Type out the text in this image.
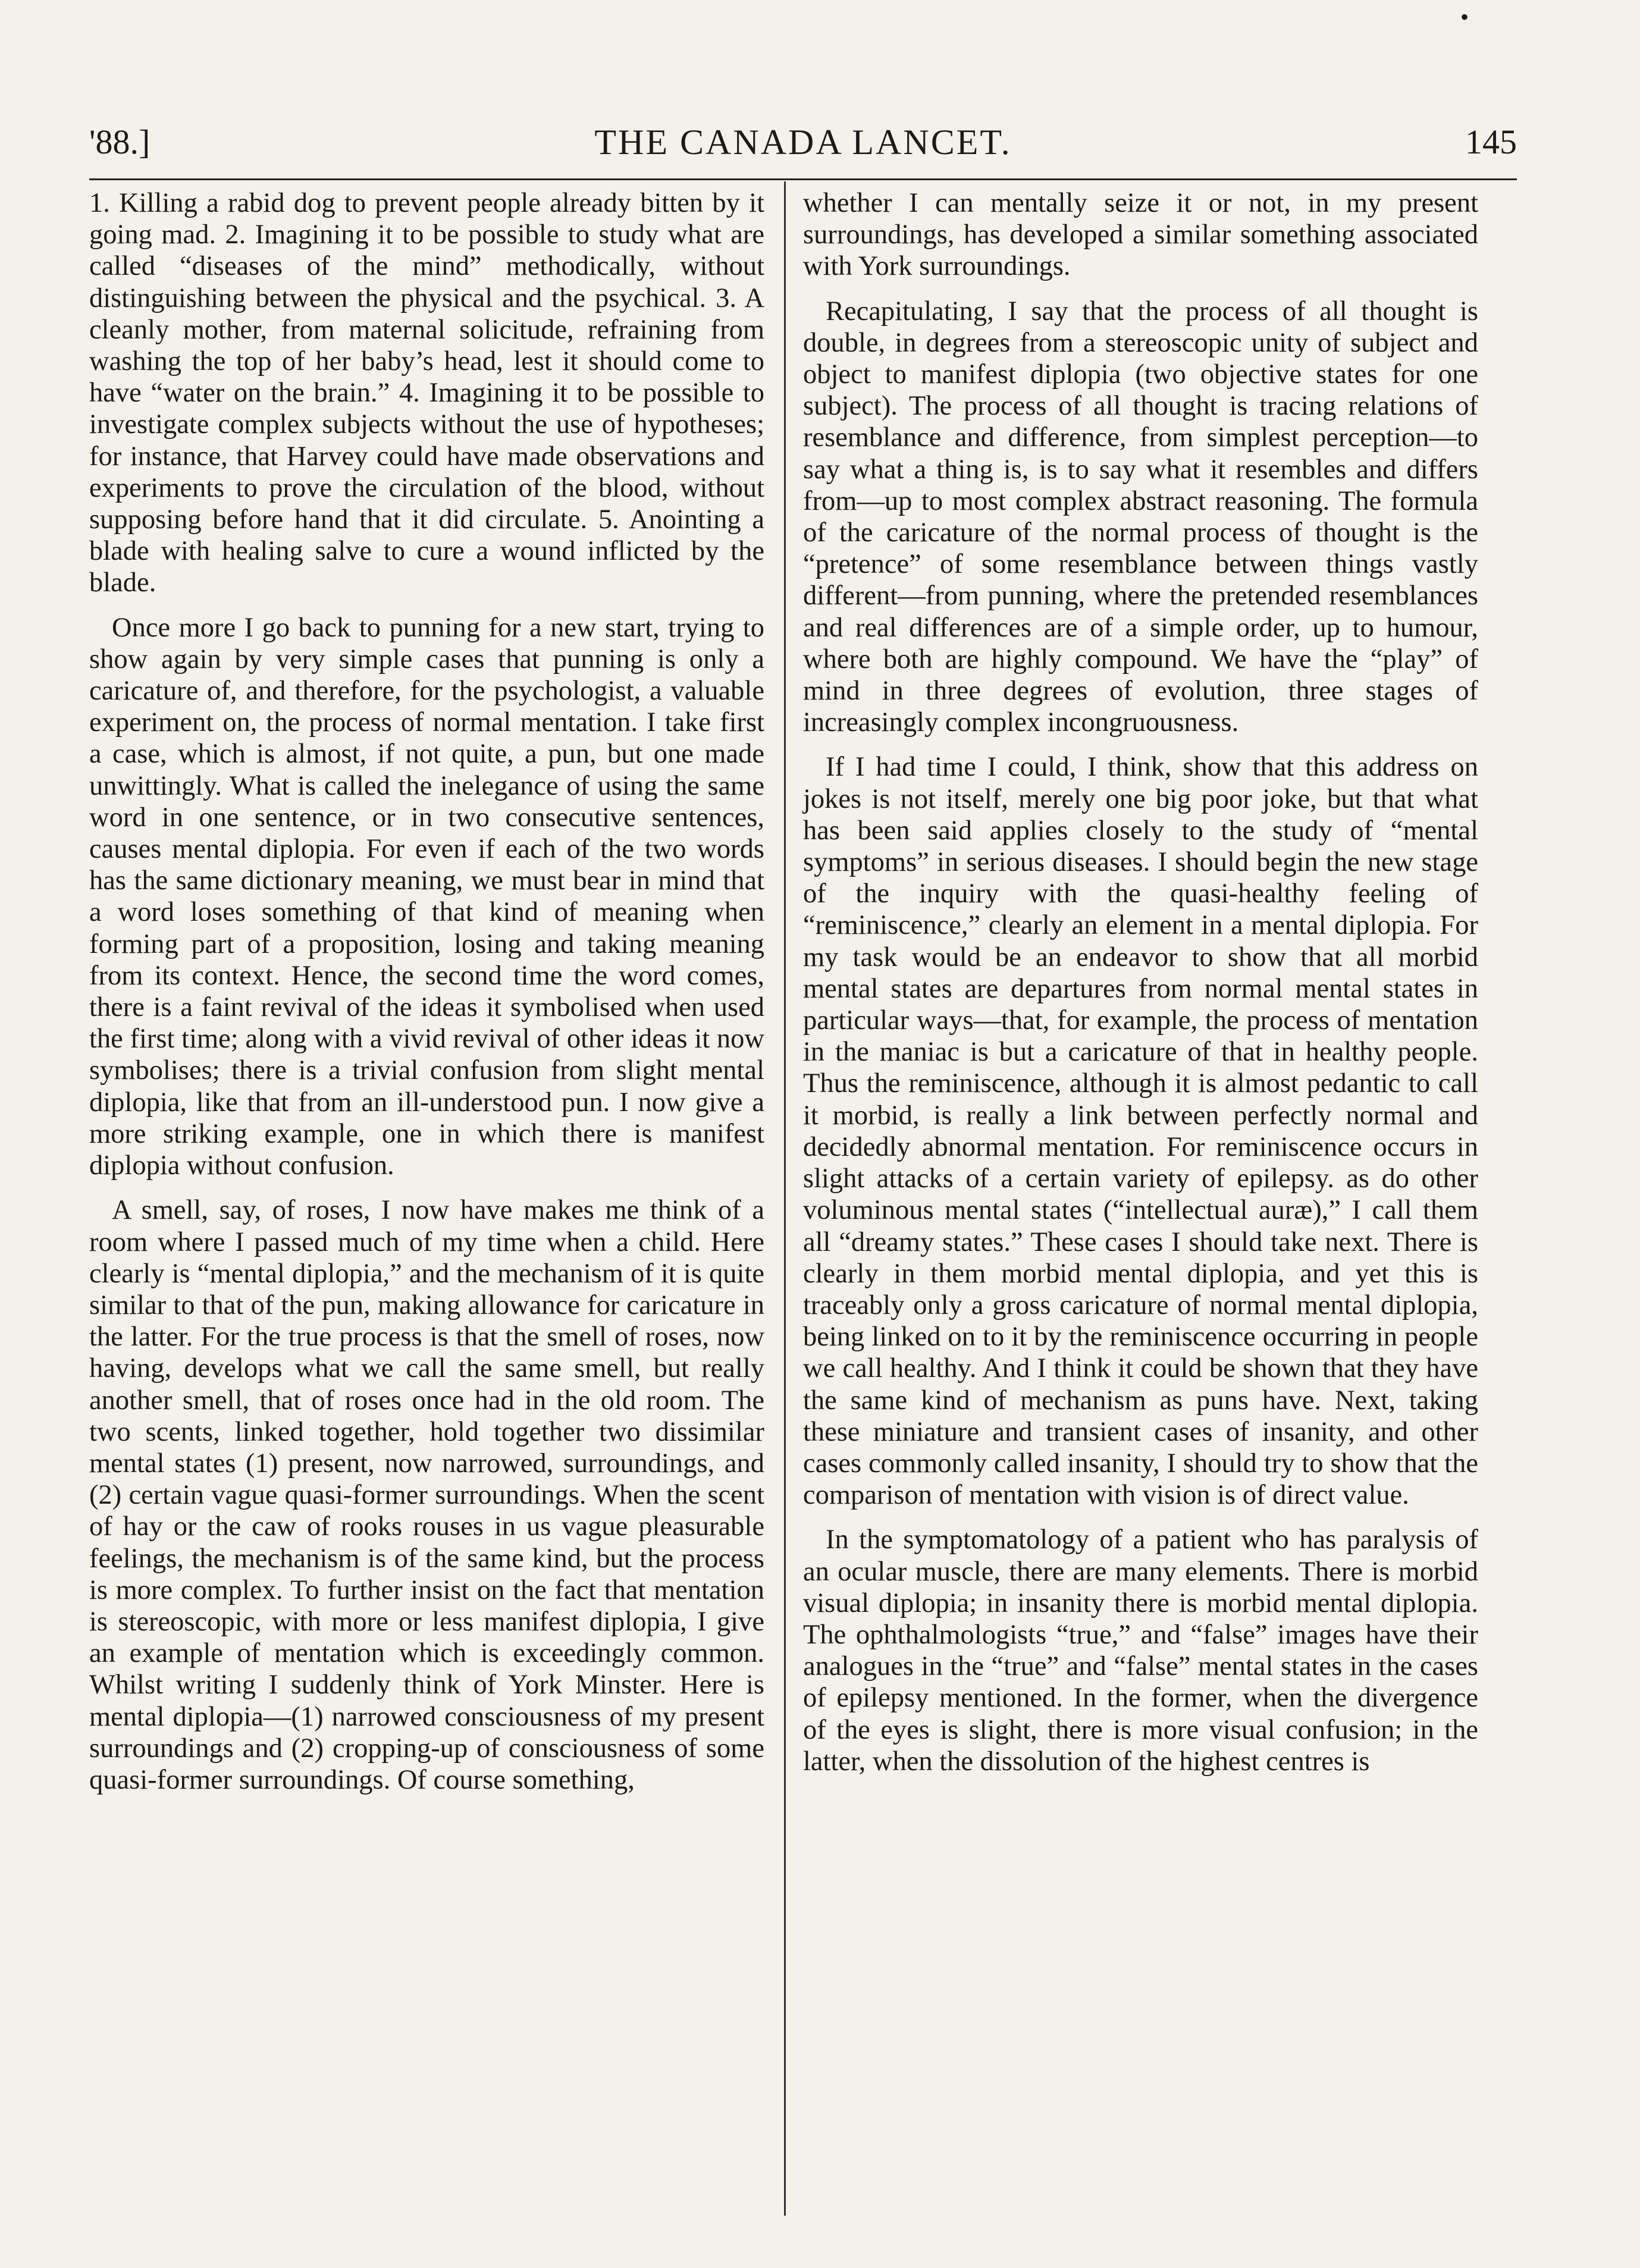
•
'88.]	THE CANADA LANCET.	145

1. Killing a rabid dog to prevent people already bitten by it going mad. 2. Imagining it to be possible to study what are called “diseases of the mind” methodically, without distinguishing between the physical and the psychical. 3. A cleanly mother, from maternal solicitude, refraining from washing the top of her baby’s head, lest it should come to have “water on the brain.” 4. Imagining it to be possible to investigate complex subjects without the use of hypotheses; for instance, that Harvey could have made observations and experiments to prove the circulation of the blood, without supposing before hand that it did circulate. 5. Anointing a blade with healing salve to cure a wound inflicted by the blade.

Once more I go back to punning for a new start, trying to show again by very simple cases that punning is only a caricature of, and therefore, for the psychologist, a valuable experiment on, the process of normal mentation. I take first a case, which is almost, if not quite, a pun, but one made unwittingly. What is called the inelegance of using the same word in one sentence, or in two consecutive sentences, causes mental diplopia. For even if each of the two words has the same dictionary meaning, we must bear in mind that a word loses something of that kind of meaning when forming part of a proposition, losing and taking meaning from its context. Hence, the second time the word comes, there is a faint revival of the ideas it symbolised when used the first time; along with a vivid revival of other ideas it now symbolises; there is a trivial confusion from slight mental diplopia, like that from an ill-understood pun. I now give a more striking example, one in which there is manifest diplopia without confusion.

A smell, say, of roses, I now have makes me think of a room where I passed much of my time when a child. Here clearly is “mental diplopia,” and the mechanism of it is quite similar to that of the pun, making allowance for caricature in the latter. For the true process is that the smell of roses, now having, develops what we call the same smell, but really another smell, that of roses once had in the old room. The two scents, linked together, hold together two dissimilar mental states (1) present, now narrowed, surroundings, and (2) certain vague quasi-former surroundings. When the scent of hay or the caw of rooks rouses in us vague pleasurable feelings, the mechanism is of the same kind, but the process is more complex. To further insist on the fact that mentation is stereoscopic, with more or less manifest diplopia, I give an example of mentation which is exceedingly common. Whilst writing I suddenly think of York Minster. Here is mental diplopia—(1) narrowed consciousness of my present surroundings and (2) cropping-up of consciousness of some quasi-former surroundings. Of course something,

whether I can mentally seize it or not, in my present surroundings, has developed a similar something associated with York surroundings.

Recapitulating, I say that the process of all thought is double, in degrees from a stereoscopic unity of subject and object to manifest diplopia (two objective states for one subject). The process of all thought is tracing relations of resemblance and difference, from simplest perception—to say what a thing is, is to say what it resembles and differs from—up to most complex abstract reasoning. The formula of the caricature of the normal process of thought is the “pretence” of some resemblance between things vastly different—from punning, where the pretended resemblances and real differences are of a simple order, up to humour, where both are highly compound. We have the “play” of mind in three degrees of evolution, three stages of increasingly complex incongruousness.

If I had time I could, I think, show that this address on jokes is not itself, merely one big poor joke, but that what has been said applies closely to the study of “mental symptoms” in serious diseases. I should begin the new stage of the inquiry with the quasi-healthy feeling of “reminiscence,” clearly an element in a mental diplopia. For my task would be an endeavor to show that all morbid mental states are departures from normal mental states in particular ways—that, for example, the process of mentation in the maniac is but a caricature of that in healthy people. Thus the reminiscence, although it is almost pedantic to call it morbid, is really a link between perfectly normal and decidedly abnormal mentation. For reminiscence occurs in slight attacks of a certain variety of epilepsy. as do other voluminous mental states (“intellectual auræ),” I call them all “dreamy states.” These cases I should take next. There is clearly in them morbid mental diplopia, and yet this is traceably only a gross caricature of normal mental diplopia, being linked on to it by the reminiscence occurring in people we call healthy. And I think it could be shown that they have the same kind of mechanism as puns have. Next, taking these miniature and transient cases of insanity, and other cases commonly called insanity, I should try to show that the comparison of mentation with vision is of direct value.

In the symptomatology of a patient who has paralysis of an ocular muscle, there are many elements. There is morbid visual diplopia; in insanity there is morbid mental diplopia. The ophthalmologists “true,” and “false” images have their analogues in the “true” and “false” mental states in the cases of epilepsy mentioned. In the former, when the divergence of the eyes is slight, there is more visual confusion; in the latter, when the dissolution of the highest centres is
